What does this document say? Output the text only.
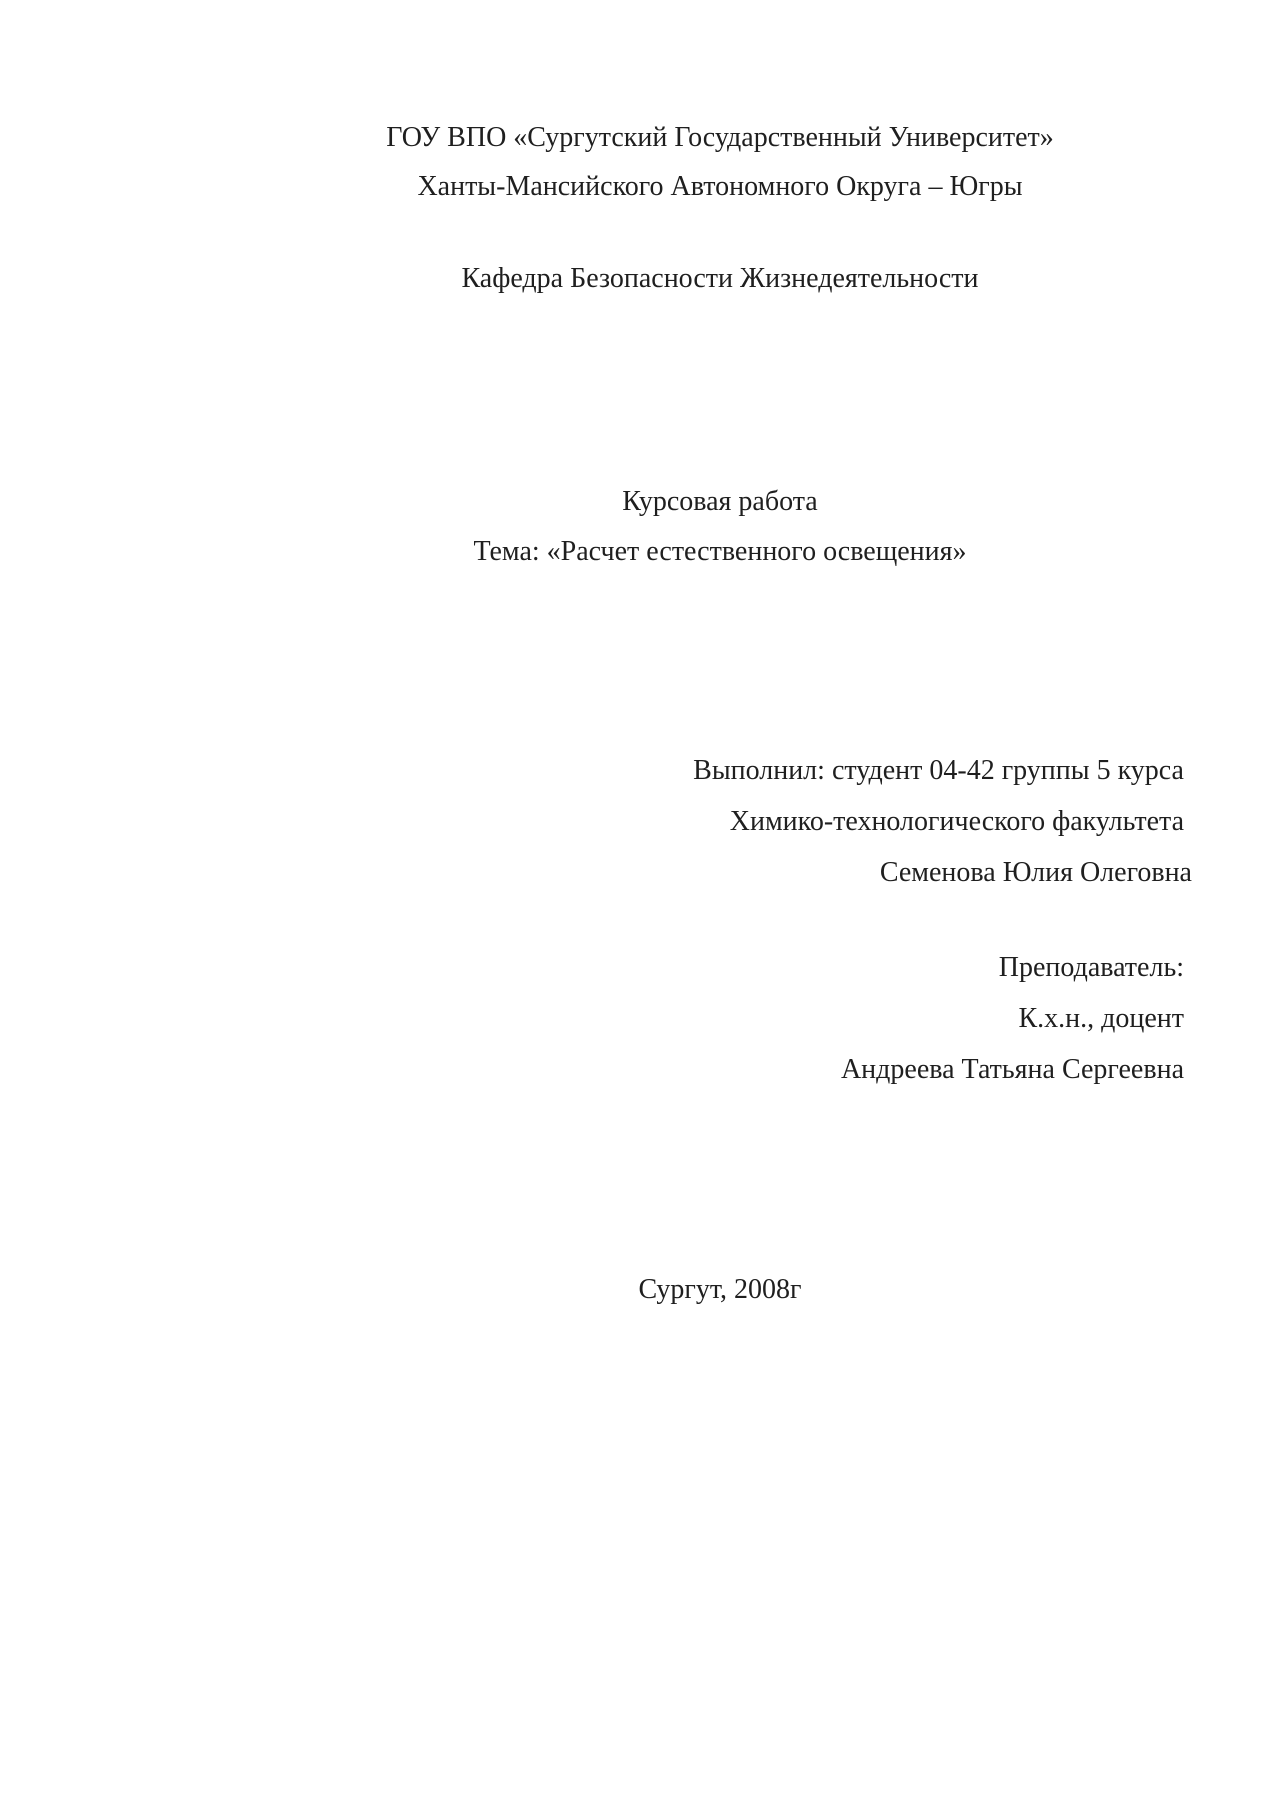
ГОУ ВПО «Сургутский Государственный Университет»
Ханты-Мансийского Автономного Округа – Югры
Кафедра Безопасности Жизнедеятельности
Курсовая работа
Тема: «Расчет естественного освещения»
Выполнил: студент 04-42 группы 5 курса
Химико-технологического факультета
Семенова Юлия Олеговна
Преподаватель:
К.х.н., доцент
Андреева Татьяна Сергеевна
Сургут, 2008г
